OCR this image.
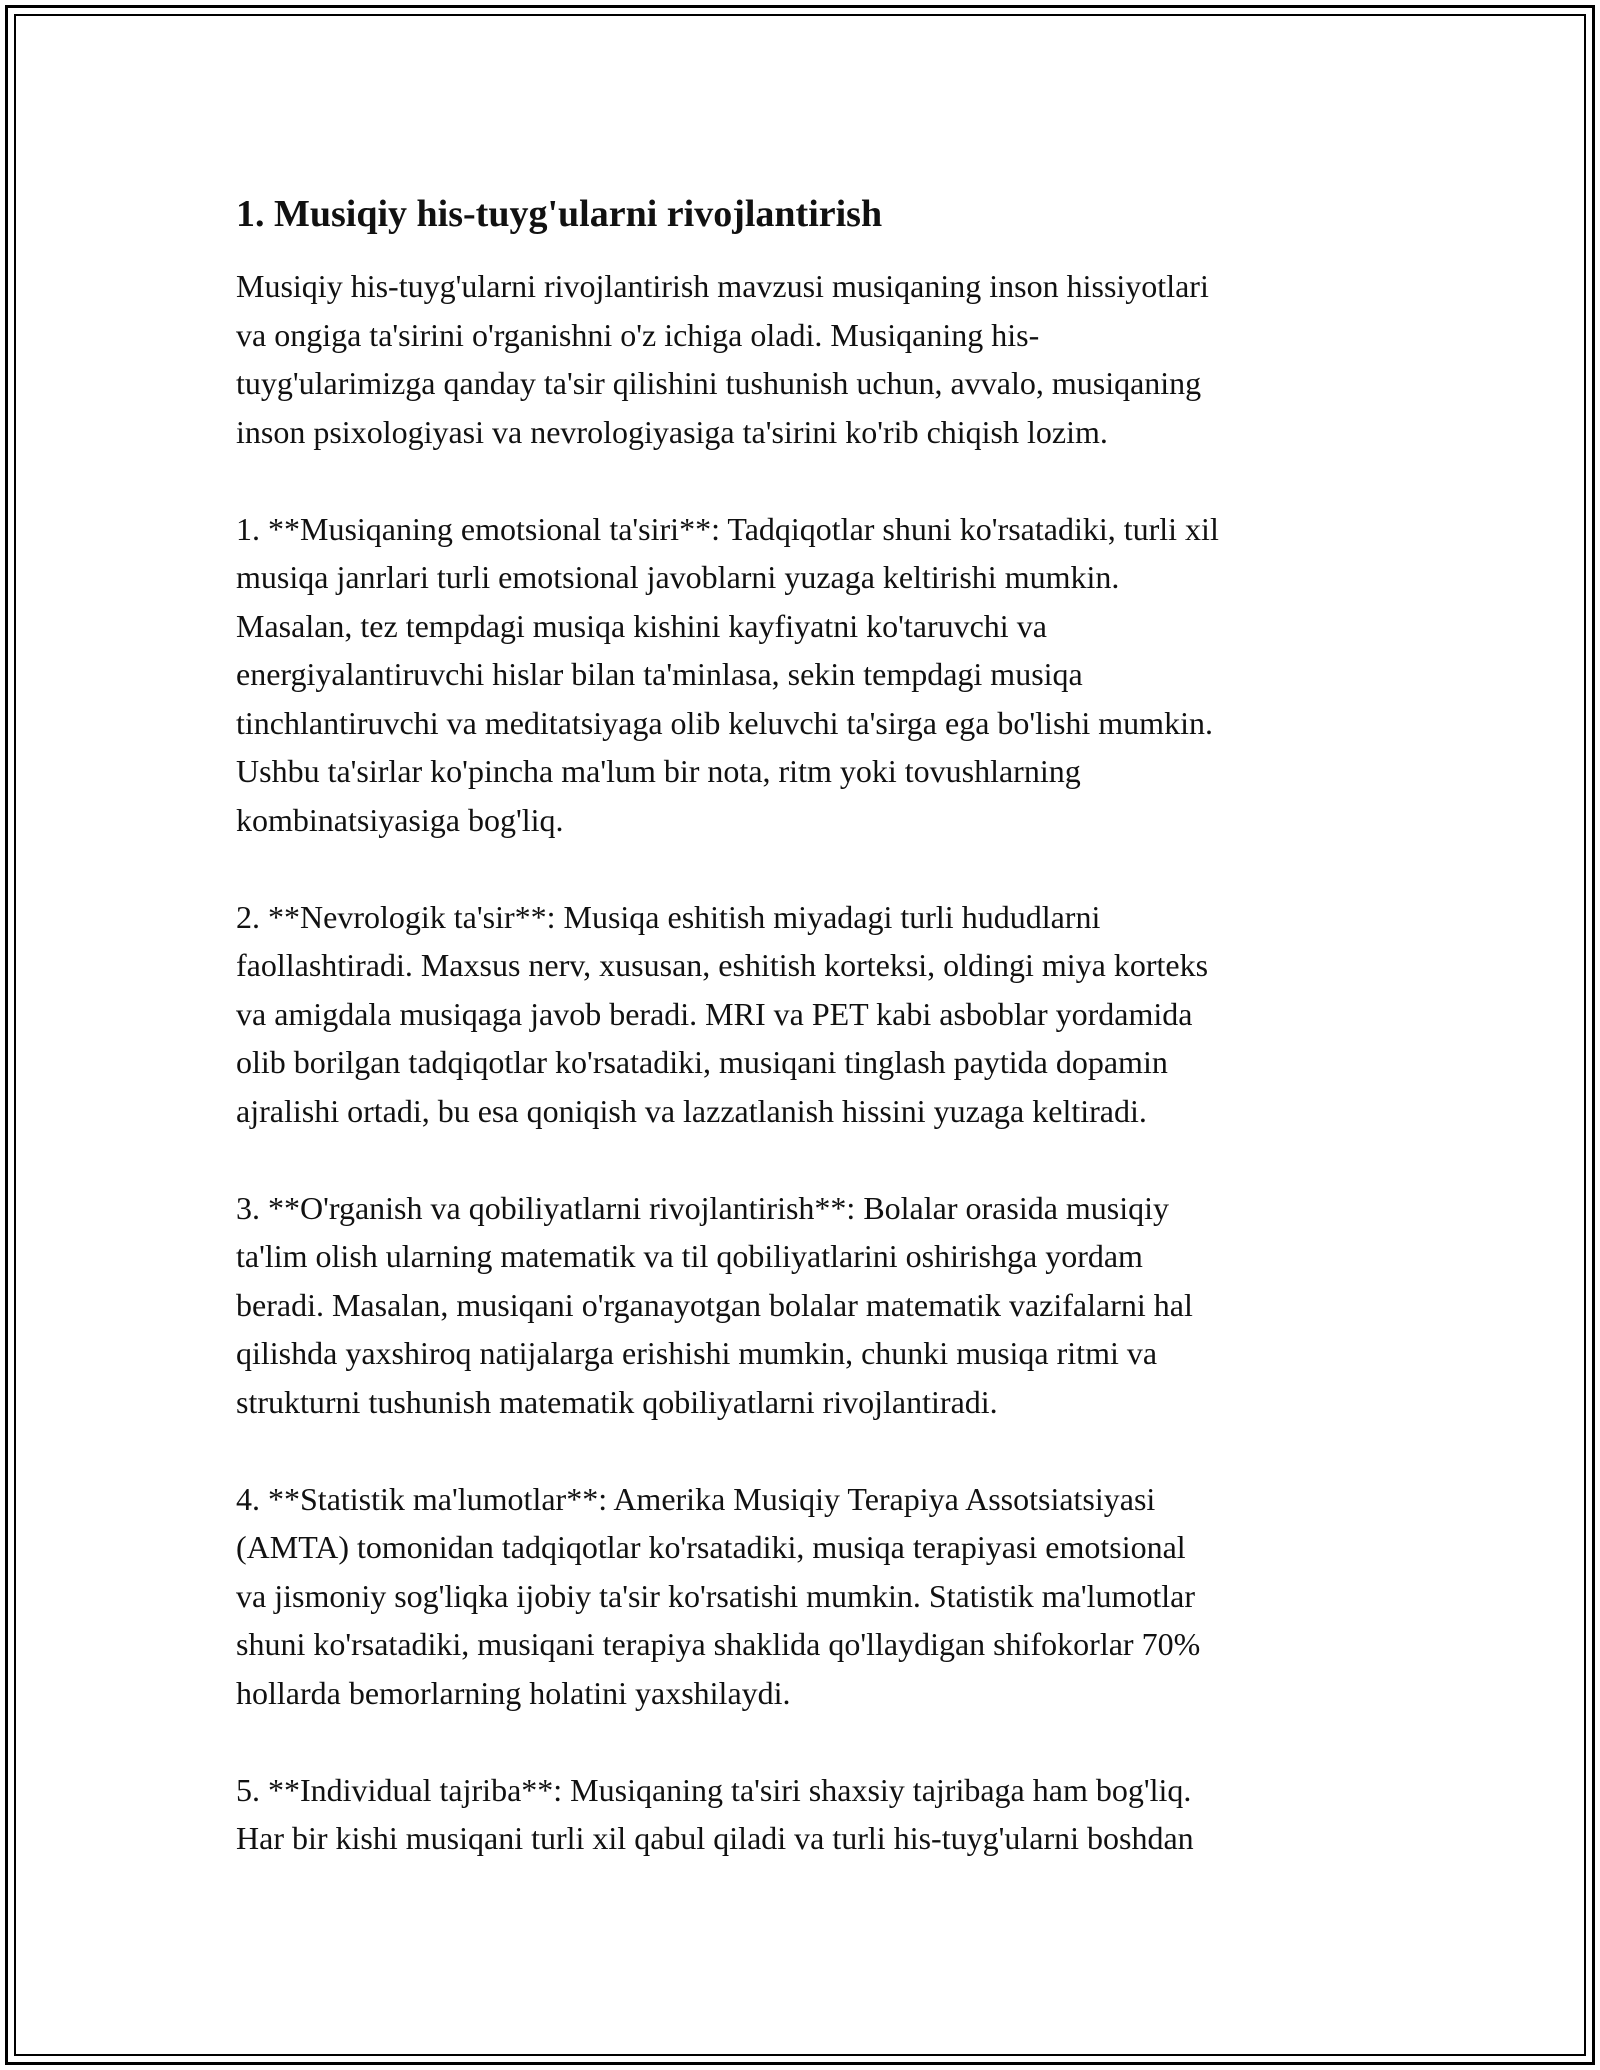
1. Musiqiy his-tuyg'ularni rivojlantirish

Musiqiy his-tuyg'ularni rivojlantirish mavzusi musiqaning inson hissiyotlari
va ongiga ta'sirini o'rganishni o'z ichiga oladi. Musiqaning his-
tuyg'ularimizga qanday ta'sir qilishini tushunish uchun, avvalo, musiqaning
inson psixologiyasi va nevrologiyasiga ta'sirini ko'rib chiqish lozim.

1. **Musiqaning emotsional ta'siri**: Tadqiqotlar shuni ko'rsatadiki, turli xil
musiqa janrlari turli emotsional javoblarni yuzaga keltirishi mumkin.
Masalan, tez tempdagi musiqa kishini kayfiyatni ko'taruvchi va
energiyalantiruvchi hislar bilan ta'minlasa, sekin tempdagi musiqa
tinchlantiruvchi va meditatsiyaga olib keluvchi ta'sirga ega bo'lishi mumkin.
Ushbu ta'sirlar ko'pincha ma'lum bir nota, ritm yoki tovushlarning
kombinatsiyasiga bog'liq.

2. **Nevrologik ta'sir**: Musiqa eshitish miyadagi turli hududlarni
faollashtiradi. Maxsus nerv, xususan, eshitish korteksi, oldingi miya korteks
va amigdala musiqaga javob beradi. MRI va PET kabi asboblar yordamida
olib borilgan tadqiqotlar ko'rsatadiki, musiqani tinglash paytida dopamin
ajralishi ortadi, bu esa qoniqish va lazzatlanish hissini yuzaga keltiradi.

3. **O'rganish va qobiliyatlarni rivojlantirish**: Bolalar orasida musiqiy
ta'lim olish ularning matematik va til qobiliyatlarini oshirishga yordam
beradi. Masalan, musiqani o'rganayotgan bolalar matematik vazifalarni hal
qilishda yaxshiroq natijalarga erishishi mumkin, chunki musiqa ritmi va
strukturni tushunish matematik qobiliyatlarni rivojlantiradi.

4. **Statistik ma'lumotlar**: Amerika Musiqiy Terapiya Assotsiatsiyasi
(AMTA) tomonidan tadqiqotlar ko'rsatadiki, musiqa terapiyasi emotsional
va jismoniy sog'liqka ijobiy ta'sir ko'rsatishi mumkin. Statistik ma'lumotlar
shuni ko'rsatadiki, musiqani terapiya shaklida qo'llaydigan shifokorlar 70%
hollarda bemorlarning holatini yaxshilaydi.

5. **Individual tajriba**: Musiqaning ta'siri shaxsiy tajribaga ham bog'liq.
Har bir kishi musiqani turli xil qabul qiladi va turli his-tuyg'ularni boshdan
